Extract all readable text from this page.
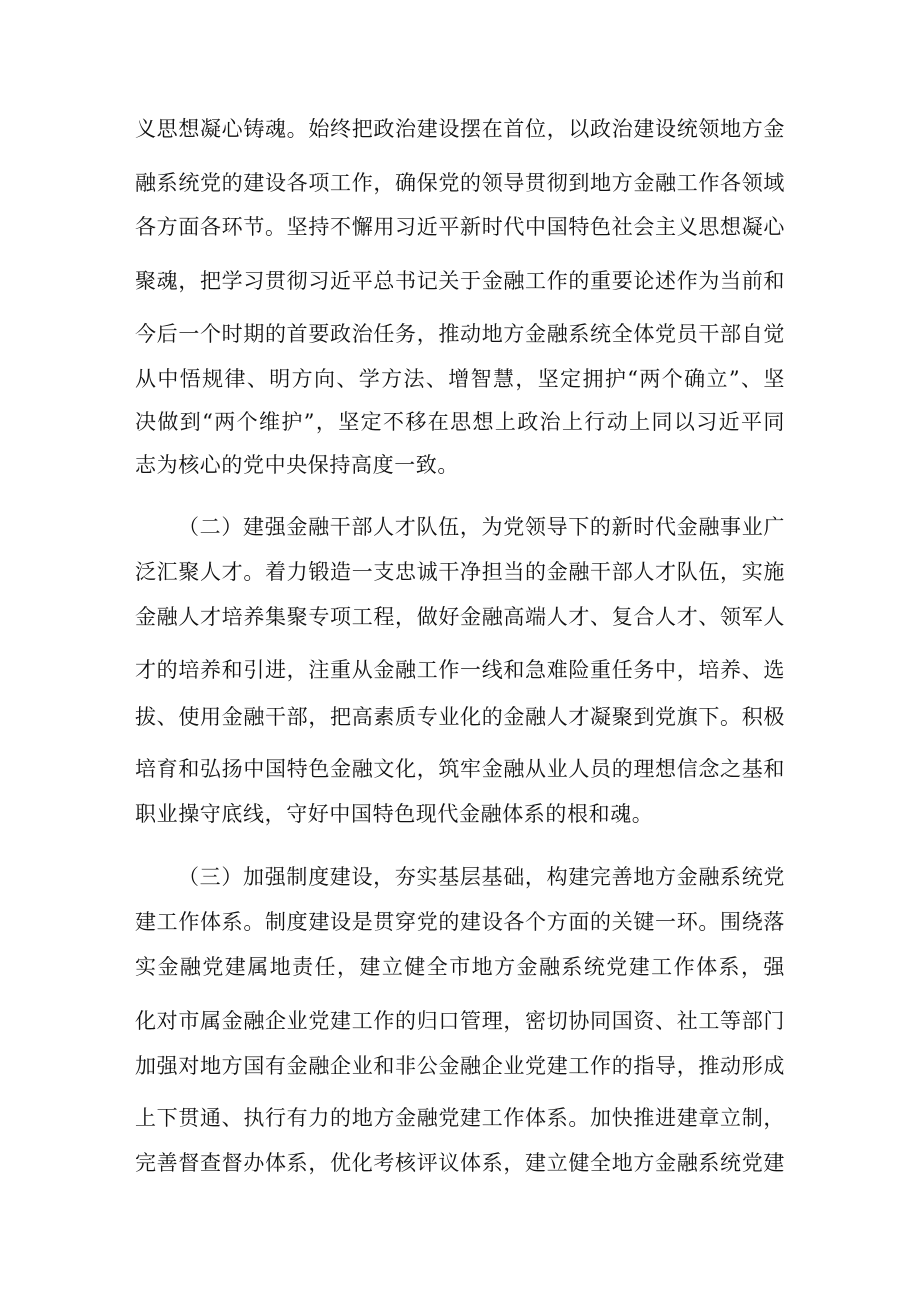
义思想凝心铸魂。始终把政治建设摆在首位，以政治建设统领地方金
融系统党的建设各项工作，确保党的领导贯彻到地方金融工作各领域
各方面各环节。坚持不懈用习近平新时代中国特色社会主义思想凝心
聚魂，把学习贯彻习近平总书记关于金融工作的重要论述作为当前和
今后一个时期的首要政治任务，推动地方金融系统全体党员干部自觉
从中悟规律、明方向、学方法、增智慧，坚定拥护“两个确立”、坚
决做到“两个维护”，坚定不移在思想上政治上行动上同以习近平同
志为核心的党中央保持高度一致。
（二）建强金融干部人才队伍，为党领导下的新时代金融事业广
泛汇聚人才。着力锻造一支忠诚干净担当的金融干部人才队伍，实施
金融人才培养集聚专项工程，做好金融高端人才、复合人才、领军人
才的培养和引进，注重从金融工作一线和急难险重任务中，培养、选
拔、使用金融干部，把高素质专业化的金融人才凝聚到党旗下。积极
培育和弘扬中国特色金融文化，筑牢金融从业人员的理想信念之基和
职业操守底线，守好中国特色现代金融体系的根和魂。
（三）加强制度建设，夯实基层基础，构建完善地方金融系统党
建工作体系。制度建设是贯穿党的建设各个方面的关键一环。围绕落
实金融党建属地责任，建立健全市地方金融系统党建工作体系，强
化对市属金融企业党建工作的归口管理，密切协同国资、社工等部门
加强对地方国有金融企业和非公金融企业党建工作的指导，推动形成
上下贯通、执行有力的地方金融党建工作体系。加快推进建章立制，
完善督查督办体系，优化考核评议体系，建立健全地方金融系统党建
